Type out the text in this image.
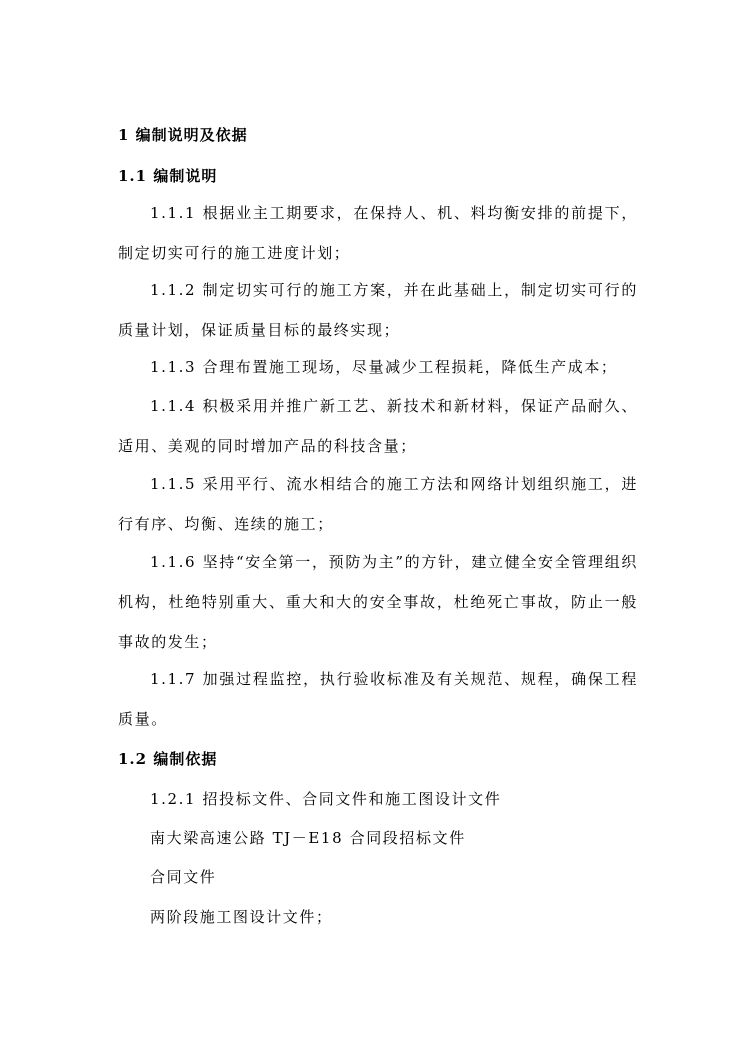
1 编制说明及依据
1.1 编制说明
1.1.1 根据业主工期要求，在保持人、机、料均衡安排的前提下，制定切实可行的施工进度计划；
1.1.2 制定切实可行的施工方案，并在此基础上，制定切实可行的质量计划，保证质量目标的最终实现；
1.1.3 合理布置施工现场，尽量减少工程损耗，降低生产成本；
1.1.4 积极采用并推广新工艺、新技术和新材料，保证产品耐久、适用、美观的同时增加产品的科技含量；
1.1.5 采用平行、流水相结合的施工方法和网络计划组织施工，进行有序、均衡、连续的施工；
1.1.6 坚持“安全第一，预防为主”的方针，建立健全安全管理组织机构，杜绝特别重大、重大和大的安全事故，杜绝死亡事故，防止一般事故的发生；
1.1.7 加强过程监控，执行验收标准及有关规范、规程，确保工程质量。
1.2 编制依据
1.2.1 招投标文件、合同文件和施工图设计文件
南大梁高速公路 TJ－E18 合同段招标文件
合同文件
两阶段施工图设计文件；
